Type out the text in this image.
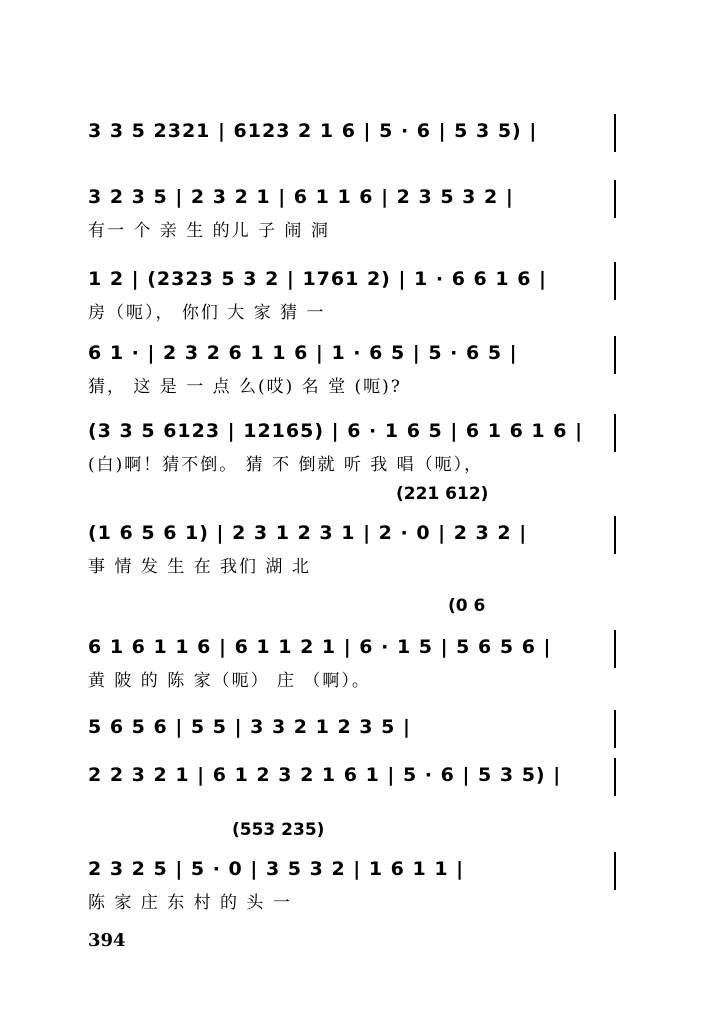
3 3 5 2321 | 6123 2 1 6 | 5 · 6 | 5 3 5) |
3 2 3 5 | 2 3 2 1 | 6 1 1 6 | 2 3 5 3 2 |
有一 个 亲 生 的儿 子 闹 洞
1 2 | (2323 5 3 2 | 1761 2) | 1 · 6 6 1 6 |
房（呃）， 你们 大 家 猜 一
6 1 · | 2 3 2 6 1 1 6 | 1 · 6 5 | 5 · 6 5 |
猜， 这 是 一 点 么(哎) 名 堂 (呃)?
(3 3 5 6123 | 12165) | 6 · 1 6 5 | 6 1 6 1 6 |
(白)啊！猜不倒。 猜 不 倒就 听 我 唱（呃），
(221 612)
(1 6 5 6 1) | 2 3 1 2 3 1 | 2 · 0 | 2 3 2 |
事 情 发 生 在 我们 湖 北
(0 6
6 1 6 1 1 6 | 6 1 1 2 1 | 6 · 1 5 | 5 6 5 6 |
黄 陂 的 陈 家（呃） 庄 （啊）。
5 6 5 6 | 5 5 | 3 3 2 1 2 3 5 |
2 2 3 2 1 | 6 1 2 3 2 1 6 1 | 5 · 6 | 5 3 5) |
(553 235)
2 3 2 5 | 5 · 0 | 3 5 3 2 | 1 6 1 1 |
陈 家 庄 东 村 的 头 一
394
